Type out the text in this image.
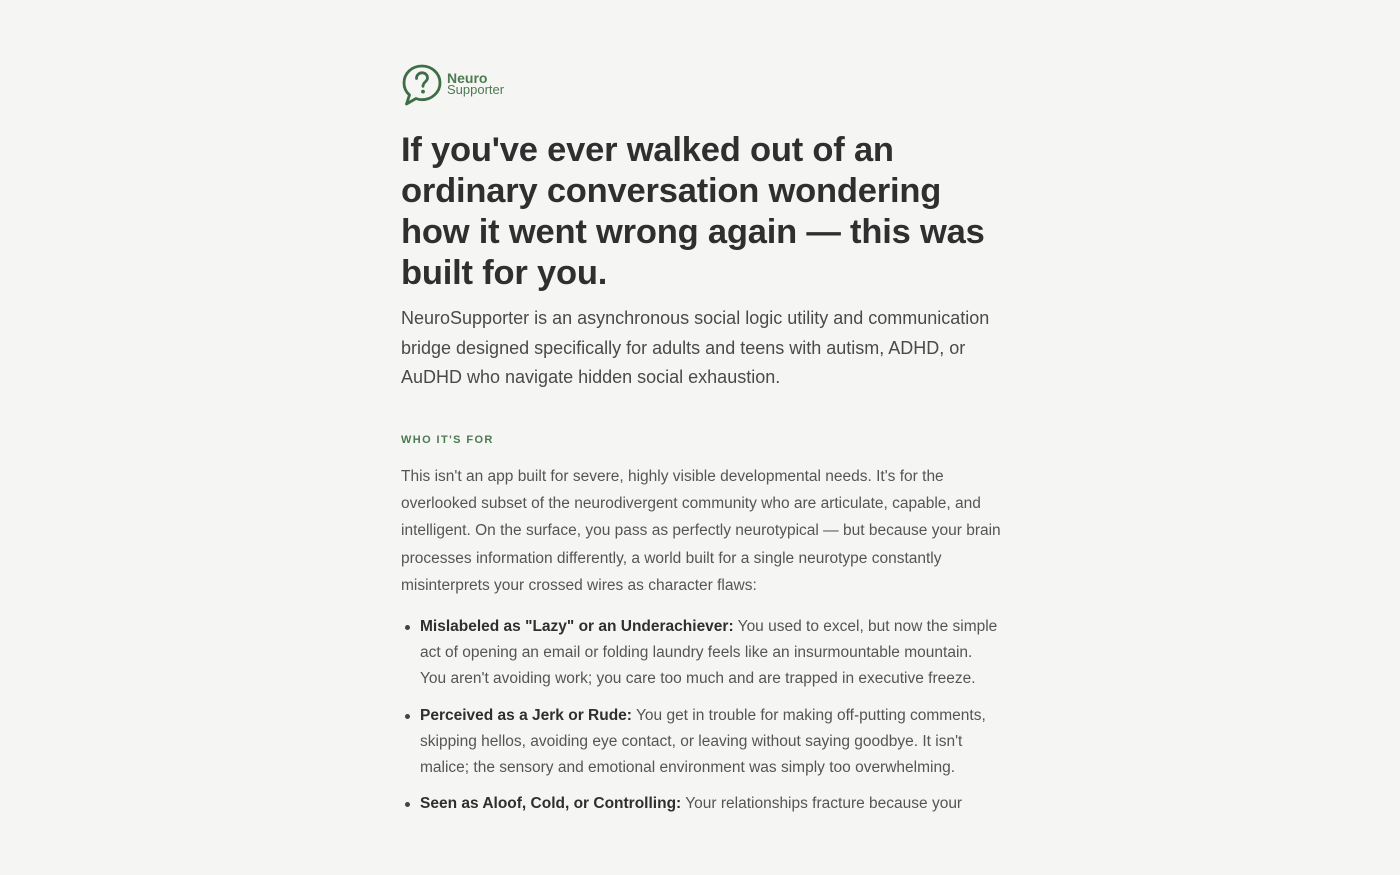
Neuro
Supporter
If you've ever walked out of an ordinary conversation wondering how it went wrong again — this was built for you.

NeuroSupporter is an asynchronous social logic utility and communication bridge designed specifically for adults and teens with autism, ADHD, or AuDHD who navigate hidden social exhaustion.

WHO IT'S FOR

This isn't an app built for severe, highly visible developmental needs. It's for the overlooked subset of the neurodivergent community who are articulate, capable, and intelligent. On the surface, you pass as perfectly neurotypical — but because your brain processes information differently, a world built for a single neurotype constantly misinterprets your crossed wires as character flaws:

Mislabeled as "Lazy" or an Underachiever: You used to excel, but now the simple act of opening an email or folding laundry feels like an insurmountable mountain. You aren't avoiding work; you care too much and are trapped in executive freeze.
Perceived as a Jerk or Rude: You get in trouble for making off-putting comments, skipping hellos, avoiding eye contact, or leaving without saying goodbye. It isn't malice; the sensory and emotional environment was simply too overwhelming.
Seen as Aloof, Cold, or Controlling: Your relationships fracture because your
